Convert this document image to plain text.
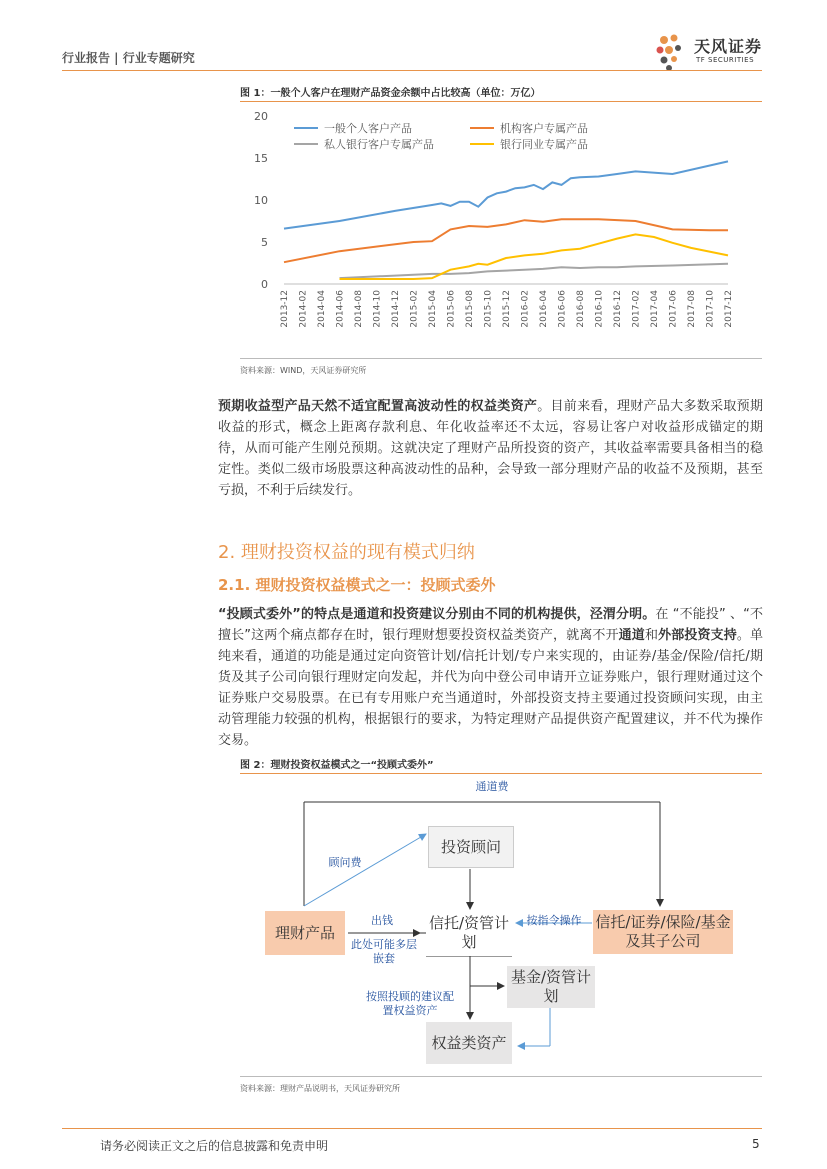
行业报告 | 行业专题研究
天风证券
TF SECURITIES
图 1：一般个人客户在理财产品资金余额中占比较高（单位：万亿）
0
5
10
15
20
2013-12 2014-02 2014-04 2014-06 2014-08 2014-10 2014-12 2015-02 2015-04 2015-06 2015-08 2015-10 2015-12 2016-02 2016-04 2016-06 2016-08 2016-10 2016-12 2017-02 2017-04 2017-06 2017-08 2017-10 2017-12
一般个人客户产品	机构客户专属产品
私人银行客户专属产品	银行同业专属产品
资料来源：WIND，天风证券研究所

预期收益型产品天然不适宜配置高波动性的权益类资产。目前来看，理财产品大多数采取预期收益的形式，概念上距离存款利息、年化收益率还不太远，容易让客户对收益形成锚定的期待，从而可能产生刚兑预期。这就决定了理财产品所投资的资产，其收益率需要具备相当的稳定性。类似二级市场股票这种高波动性的品种，会导致一部分理财产品的收益不及预期，甚至亏损，不利于后续发行。

2. 理财投资权益的现有模式归纳
2.1. 理财投资权益模式之一：投顾式委外

“投顾式委外”的特点是通道和投资建议分别由不同的机构提供，泾渭分明。在 “不能投” 、“不擅长”这两个痛点都存在时，银行理财想要投资权益类资产，就离不开通道和外部投资支持。单纯来看，通道的功能是通过定向资管计划/信托计划/专户来实现的，由证券/基金/保险/信托/期货及其子公司向银行理财定向发起，并代为向中登公司申请开立证券账户，银行理财通过这个证券账户交易股票。在已有专用账户充当通道时，外部投资支持主要通过投资顾问实现，由主动管理能力较强的机构，根据银行的要求，为特定理财产品提供资产配置建议，并不代为操作交易。

图 2：理财投资权益模式之一“投顾式委外”
通道费
投资顾问
顾问费
理财产品
出钱
此处可能多层嵌套
信托/资管计划
按指令操作 信托/证券/保险/基金及其子公司
基金/资管计划
按照投顾的建议配置权益资产
权益类资产
资料来源：理财产品说明书，天风证券研究所
请务必阅读正文之后的信息披露和免责申明	5
